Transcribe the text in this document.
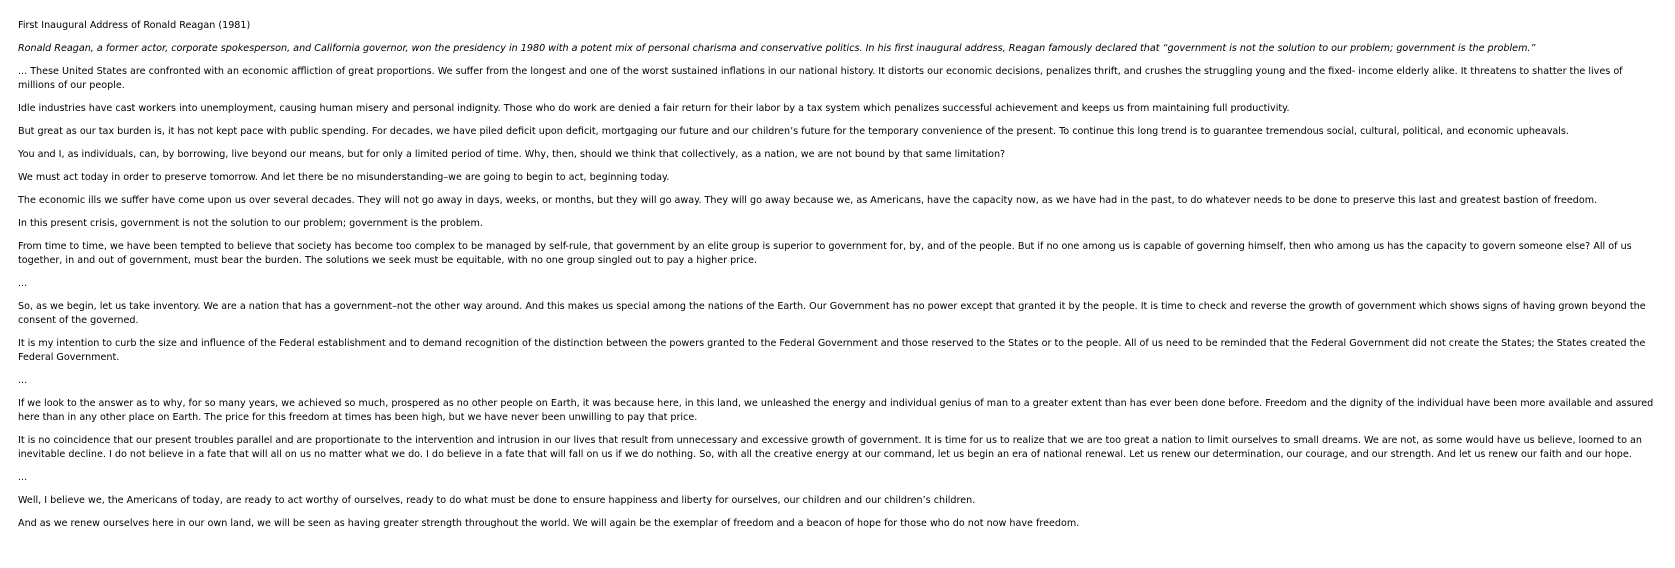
First Inaugural Address of Ronald Reagan (1981)

Ronald Reagan, a former actor, corporate spokesperson, and California governor, won the presidency in 1980 with a potent mix of personal charisma and conservative politics. In his first inaugural address, Reagan famously declared that “government is not the solution to our problem; government is the problem.”

... These United States are confronted with an economic affliction of great proportions. We suffer from the longest and one of the worst sustained inflations in our national history. It distorts our economic decisions, penalizes thrift, and crushes the struggling young and the fixed- income elderly alike. It threatens to shatter the lives of millions of our people.

Idle industries have cast workers into unemployment, causing human misery and personal indignity. Those who do work are denied a fair return for their labor by a tax system which penalizes successful achievement and keeps us from maintaining full productivity.

But great as our tax burden is, it has not kept pace with public spending. For decades, we have piled deficit upon deficit, mortgaging our future and our children’s future for the temporary convenience of the present. To continue this long trend is to guarantee tremendous social, cultural, political, and economic upheavals.

You and I, as individuals, can, by borrowing, live beyond our means, but for only a limited period of time. Why, then, should we think that collectively, as a nation, we are not bound by that same limitation?

We must act today in order to preserve tomorrow. And let there be no misunderstanding–we are going to begin to act, beginning today.

The economic ills we suffer have come upon us over several decades. They will not go away in days, weeks, or months, but they will go away. They will go away because we, as Americans, have the capacity now, as we have had in the past, to do whatever needs to be done to preserve this last and greatest bastion of freedom.

In this present crisis, government is not the solution to our problem; government is the problem.

From time to time, we have been tempted to believe that society has become too complex to be managed by self-rule, that government by an elite group is superior to government for, by, and of the people. But if no one among us is capable of governing himself, then who among us has the capacity to govern someone else? All of us together, in and out of government, must bear the burden. The solutions we seek must be equitable, with no one group singled out to pay a higher price.

...

So, as we begin, let us take inventory. We are a nation that has a government–not the other way around. And this makes us special among the nations of the Earth. Our Government has no power except that granted it by the people. It is time to check and reverse the growth of government which shows signs of having grown beyond the consent of the governed.

It is my intention to curb the size and influence of the Federal establishment and to demand recognition of the distinction between the powers granted to the Federal Government and those reserved to the States or to the people. All of us need to be reminded that the Federal Government did not create the States; the States created the Federal Government.

...

If we look to the answer as to why, for so many years, we achieved so much, prospered as no other people on Earth, it was because here, in this land, we unleashed the energy and individual genius of man to a greater extent than has ever been done before. Freedom and the dignity of the individual have been more available and assured here than in any other place on Earth. The price for this freedom at times has been high, but we have never been unwilling to pay that price.

It is no coincidence that our present troubles parallel and are proportionate to the intervention and intrusion in our lives that result from unnecessary and excessive growth of government. It is time for us to realize that we are too great a nation to limit ourselves to small dreams. We are not, as some would have us believe, loomed to an inevitable decline. I do not believe in a fate that will all on us no matter what we do. I do believe in a fate that will fall on us if we do nothing. So, with all the creative energy at our command, let us begin an era of national renewal. Let us renew our determination, our courage, and our strength. And let us renew our faith and our hope.

...

Well, I believe we, the Americans of today, are ready to act worthy of ourselves, ready to do what must be done to ensure happiness and liberty for ourselves, our children and our children’s children.

And as we renew ourselves here in our own land, we will be seen as having greater strength throughout the world. We will again be the exemplar of freedom and a beacon of hope for those who do not now have freedom.
